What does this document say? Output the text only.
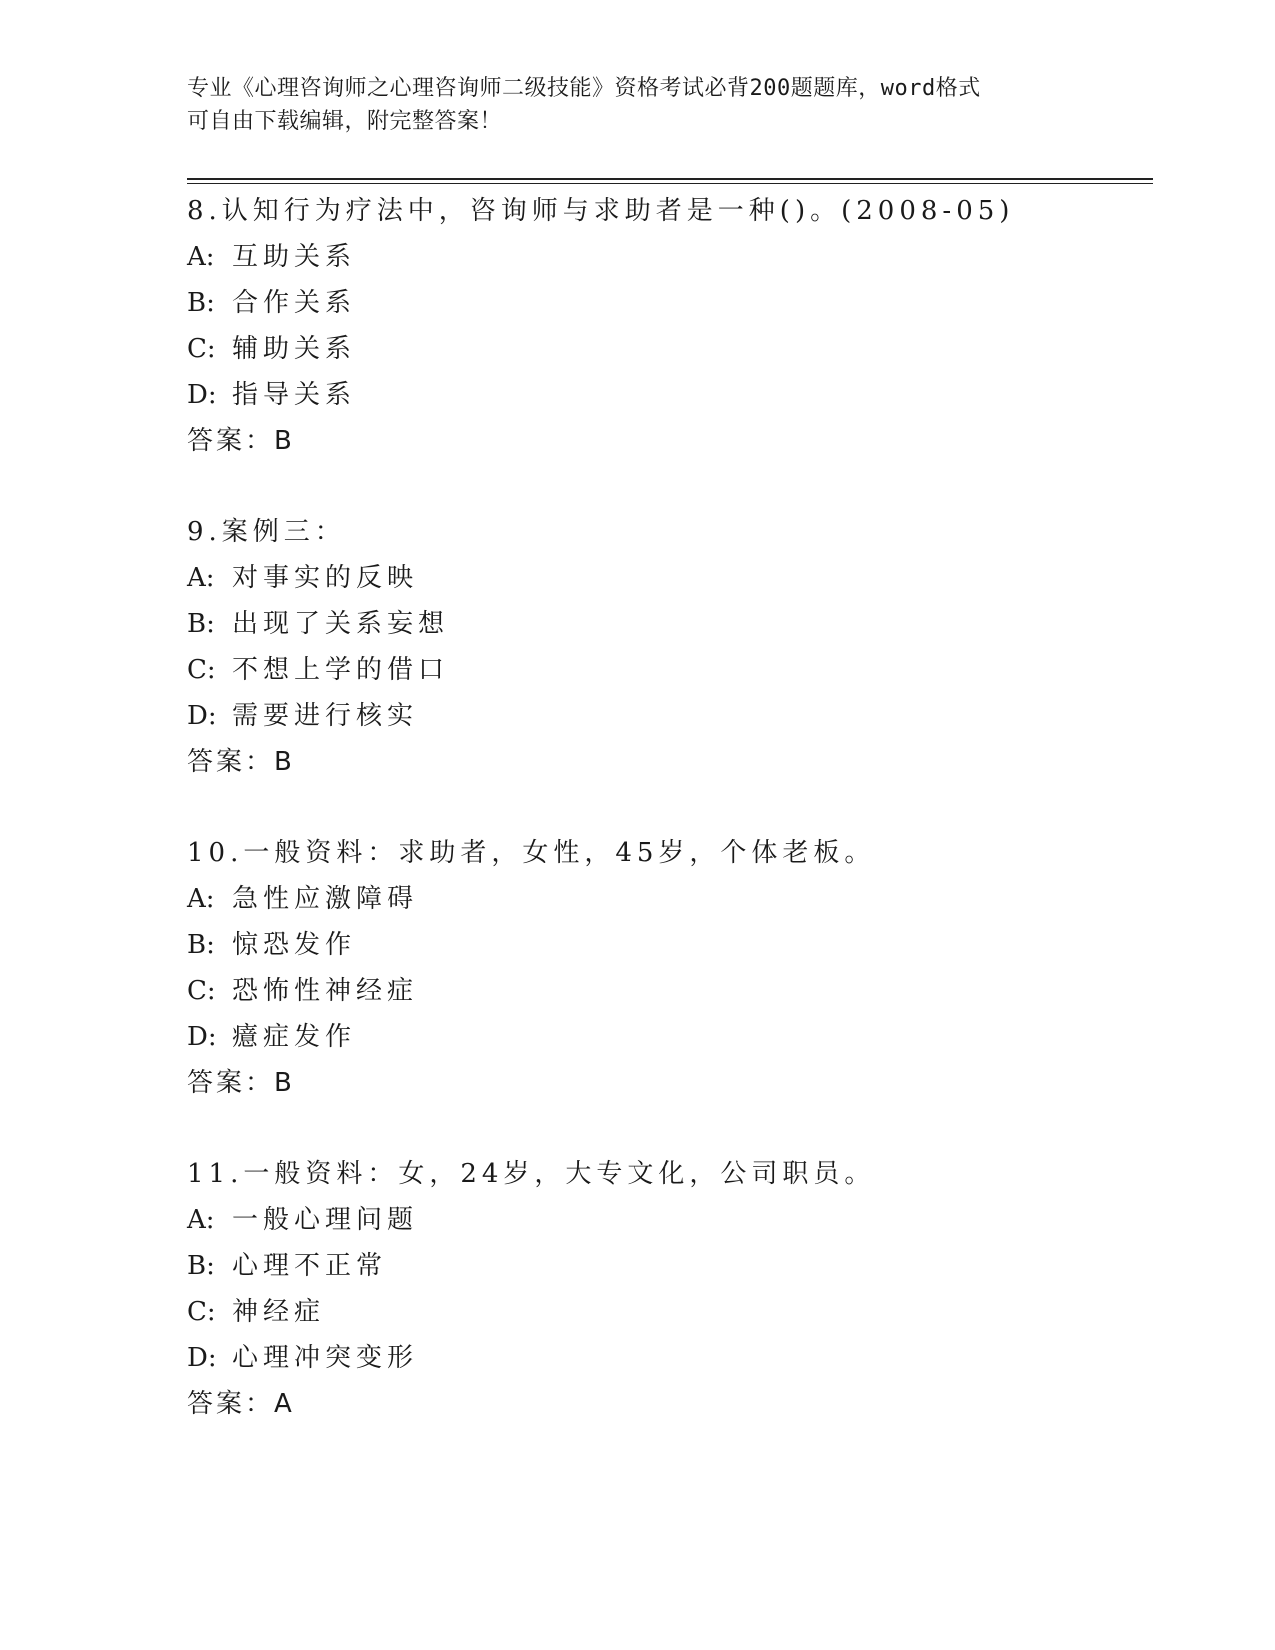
专业《心理咨询师之心理咨询师二级技能》资格考试必背200题题库，word格式
可自由下载编辑，附完整答案！
8.认知行为疗法中，咨询师与求助者是一种()。(2008-05)
A: 互助关系
B: 合作关系
C: 辅助关系
D: 指导关系
答案：B
9.案例三：
A: 对事实的反映
B: 出现了关系妄想
C: 不想上学的借口
D: 需要进行核实
答案：B
10.一般资料：求助者，女性，45岁，个体老板。
A: 急性应激障碍
B: 惊恐发作
C: 恐怖性神经症
D: 癔症发作
答案：B
11.一般资料：女，24岁，大专文化，公司职员。
A: 一般心理问题
B: 心理不正常
C: 神经症
D: 心理冲突变形
答案：A
